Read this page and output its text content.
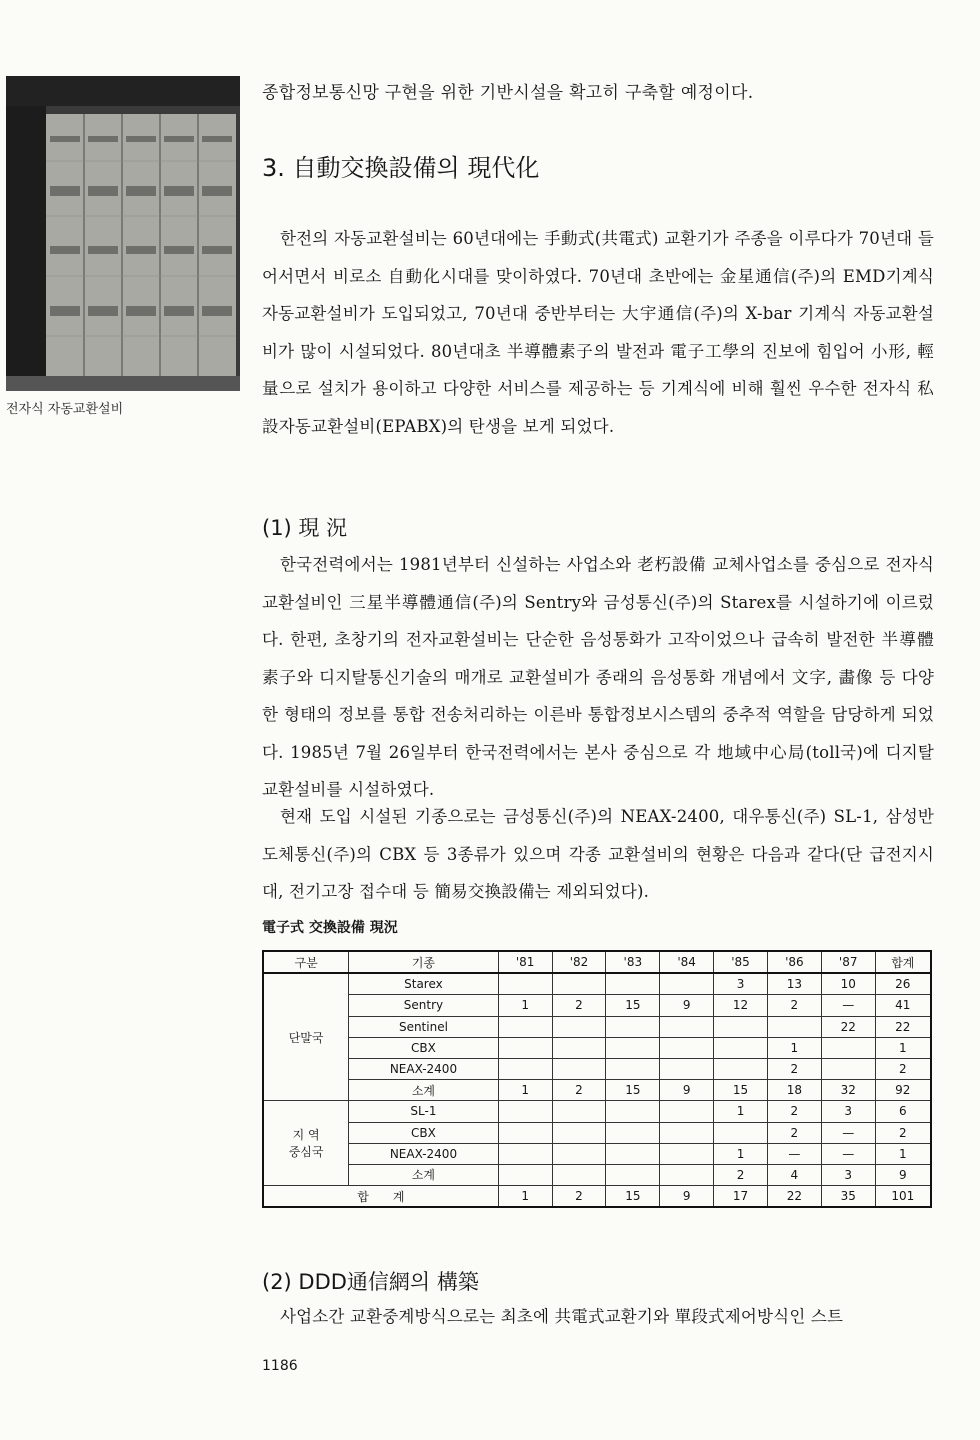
전자식 자동교환설비
종합정보통신망 구현을 위한 기반시설을 확고히 구축할 예정이다.
3. 自動交換設備의 現代化

한전의 자동교환설비는 60년대에는 手動式(共電式) 교환기가 주종을 이루다가 70년대 들어서면서 비로소 自動化시대를 맞이하였다. 70년대 초반에는 金星通信(주)의 EMD기계식 자동교환설비가 도입되었고, 70년대 중반부터는 大宇通信(주)의 X-bar 기계식 자동교환설비가 많이 시설되었다. 80년대초 半導體素子의 발전과 電子工學의 진보에 힘입어 小形, 輕量으로 설치가 용이하고 다양한 서비스를 제공하는 등 기계식에 비해 훨씬 우수한 전자식 私設자동교환설비(EPABX)의 탄생을 보게 되었다.

(1) 現 況

한국전력에서는 1981년부터 신설하는 사업소와 老朽設備 교체사업소를 중심으로 전자식 교환설비인 三星半導體通信(주)의 Sentry와 금성통신(주)의 Starex를 시설하기에 이르렀다. 한편, 초창기의 전자교환설비는 단순한 음성통화가 고작이었으나 급속히 발전한 半導體素子와 디지탈통신기술의 매개로 교환설비가 종래의 음성통화 개념에서 文字, 畵像 등 다양한 형태의 정보를 통합 전송처리하는 이른바 통합정보시스템의 중추적 역할을 담당하게 되었다. 1985년 7월 26일부터 한국전력에서는 본사 중심으로 각 地域中心局(toll국)에 디지탈 교환설비를 시설하였다.

현재 도입 시설된 기종으로는 금성통신(주)의 NEAX-2400, 대우통신(주) SL-1, 삼성반도체통신(주)의 CBX 등 3종류가 있으며 각종 교환설비의 현황은 다음과 같다(단 급전지시대, 전기고장 접수대 등 簡易交換設備는 제외되었다).

電子式 交換設備 現況
구분	기종	'81	'82	'83	'84	'85	'86	'87	합계
단말국	Starex					3	13	10	26
	Sentry	1	2	15	9	12	2	—	41
	Sentinel							22	22
	CBX						1		1
	NEAX-2400						2		2
	소계	1	2	15	9	15	18	32	92
지 역
중심국	SL-1					1	2	3	6
	CBX						2	—	2
	NEAX-2400					1	—	—	1
	소계					2	4	3	9
합　　계		1	2	15	9	17	22	35	101
(2) DDD通信網의 構築

사업소간 교환중계방식으로는 최초에 共電式교환기와 單段式제어방식인 스트

1186
